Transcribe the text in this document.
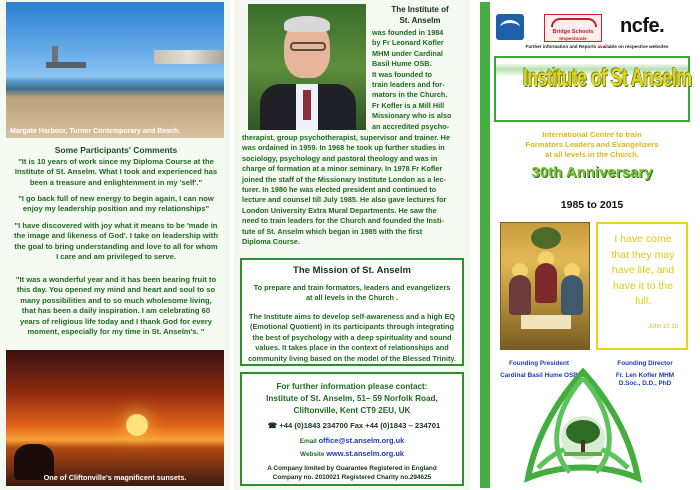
Margate Harbour, Turner Contemporary and Beach.
Some Participants' Comments
"It is 10 years of work since my Diploma Course at the
Institute of St. Anselm. What I took and experienced has
been a treasure and enlightenment in my 'self'."
"I go back full of new energy to begin again, I can now
enjoy my leadership position and my relationships"
"I have discovered with joy what it means to be 'made in
the image and likeness of God'. I take on leadership with
the goal to bring understanding and love to all for whom
I care and am privileged to serve.
"It was a wonderful year and it has been bearing fruit to
this day. You opened my mind and heart and soul to so
many possibilities and to so much wholesome living,
that has been a daily inspiration. I am celebrating 60
years of religious life today and I thank God for every
moment, especially for my time in St. Anselm's. "
One of Cliftonville's magnificent sunsets.
The Institute of
St. Anselm
was founded in 1984
by Fr Leonard Kofler
MHM under Cardinal
Basil Hume OSB.
It was founded to
train leaders and for-
mators in the Church.
Fr Kofler is a Mill Hill
Missionary who is also
an accredited psycho-
therapist, group psychotherapist, supervisor and trainer. He
was ordained in 1959. In 1968 he took up further studies in
sociology, psychology and pastoral theology and was in
charge of formation at a minor seminary. In 1978 Fr Kofler
joined the staff of the Missionary Institute London as a lec-
turer. In 1980 he was elected president and continued to
lecture and counsel till July 1985. He also gave lectures for
London University Extra Mural Departments. He saw the
need to train leaders for the Church and founded the Insti-
tute of St. Anselm which began in 1985 with the first
Diploma Course.
The Mission of St. Anselm
To prepare and train formators, leaders and evangelizers
at all levels in the Church .
The Institute aims to develop self-awareness and a high EQ
(Emotional Quotient) in its participants through integrating
the best of psychology with a deep spirituality and sound
values. It takes place in the context of relationships and
community living based on the model of the Blessed Trinity.
For further information please contact:
Institute of St. Anselm, 51– 59 Norfolk Road,
Cliftonville, Kent CT9 2EU, UK
☎ +44 (0)1843 234700 Fax +44 (0)1843 – 234701
Email office@st.anselm.org.uk
Website www.st.anselm.org.uk
A Company limited by Guarantee Registered in England
Company no. 2010021 Registered Charity no.294625
Bridge Schools
Inspectorate
ncfe.
Further information and Reports available on respective websites
Institute of St Anselm
International Centre to train
Formators Leaders and Evangelizers
at all levels in the Church.
30th Anniversary
1985 to 2015
I have come
that they may
have life, and
have it to the
full.
John 10:10
Founding President
Cardinal Basil Hume OSB
Founding Director
Fr. Len Kofler MHM
D.Soc., D.D., PhD
